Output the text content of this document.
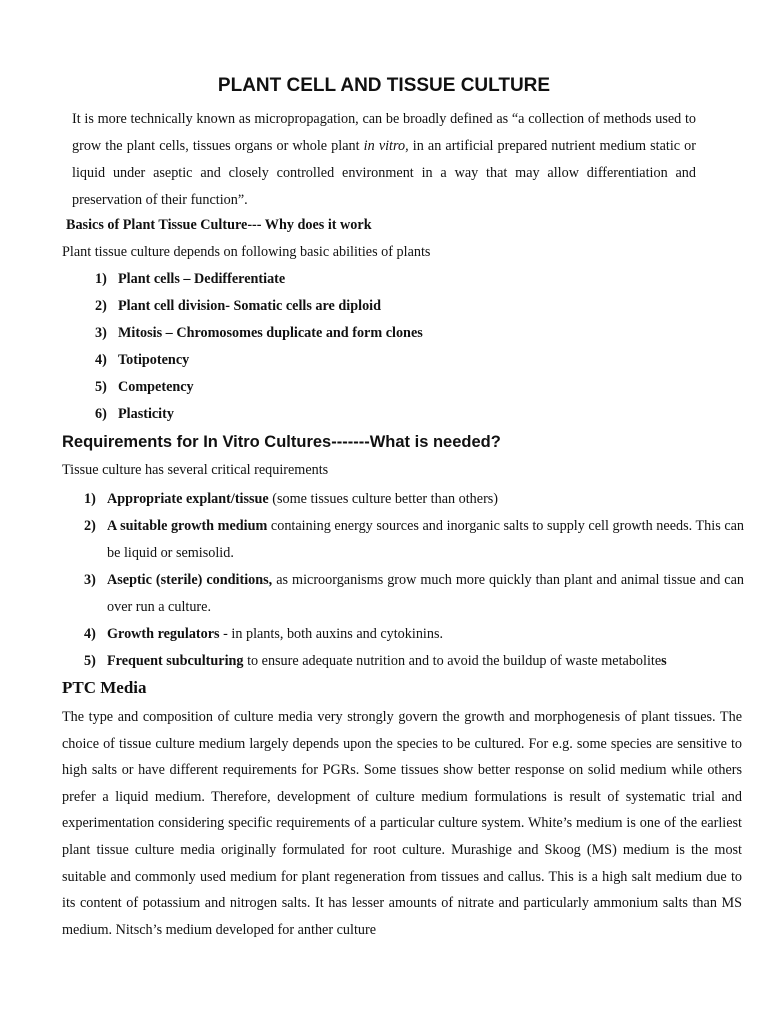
PLANT CELL AND TISSUE CULTURE

It is more technically known as micropropagation, can be broadly defined as “a collection of methods used to grow the plant cells, tissues organs or whole plant in vitro, in an artificial prepared nutrient medium static or liquid under aseptic and closely controlled environment in a way that may allow differentiation and preservation of their function”.

Basics of Plant Tissue Culture--- Why does it work
Plant tissue culture depends on following basic abilities of plants
1) Plant cells – Dedifferentiate
2) Plant cell division- Somatic cells are diploid
3) Mitosis – Chromosomes duplicate and form clones
4) Totipotency
5) Competency
6) Plasticity
Requirements for In Vitro Cultures-------What is needed?
Tissue culture has several critical requirements
1) Appropriate explant/tissue (some tissues culture better than others)
2) A suitable growth medium containing energy sources and inorganic salts to supply cell growth needs. This can be liquid or semisolid.
3) Aseptic (sterile) conditions, as microorganisms grow much more quickly than plant and animal tissue and can over run a culture.
4) Growth regulators - in plants, both auxins and cytokinins.
5) Frequent subculturing to ensure adequate nutrition and to avoid the buildup of waste metabolites
PTC Media

The type and composition of culture media very strongly govern the growth and morphogenesis of plant tissues. The choice of tissue culture medium largely depends upon the species to be cultured. For e.g. some species are sensitive to high salts or have different requirements for PGRs. Some tissues show better response on solid medium while others prefer a liquid medium. Therefore, development of culture medium formulations is result of systematic trial and experimentation considering specific requirements of a particular culture system. White’s medium is one of the earliest plant tissue culture media originally formulated for root culture. Murashige and Skoog (MS) medium is the most suitable and commonly used medium for plant regeneration from tissues and callus. This is a high salt medium due to its content of potassium and nitrogen salts. It has lesser amounts of nitrate and particularly ammonium salts than MS medium. Nitsch’s medium developed for anther culture
